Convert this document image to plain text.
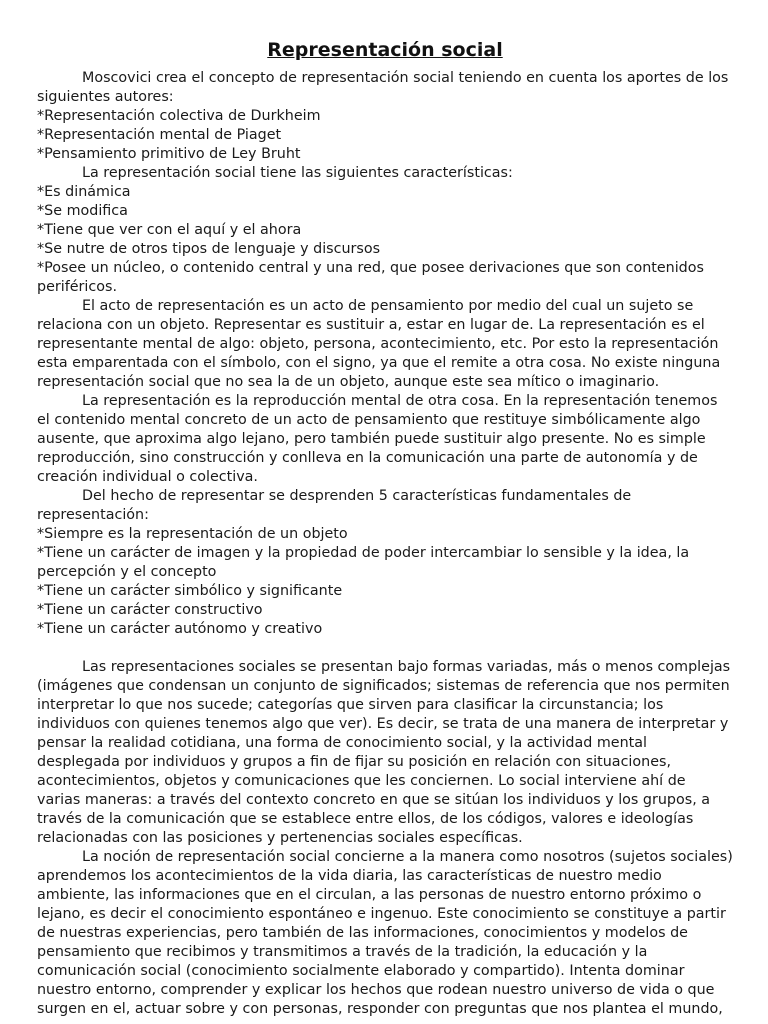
Representación social
Moscovici crea el concepto de representación social teniendo en cuenta los aportes de los siguientes autores:
*Representación colectiva de Durkheim
*Representación mental de Piaget
*Pensamiento primitivo de Ley Bruht
La representación social tiene las siguientes características:
*Es dinámica
*Se modifica
*Tiene que ver con el aquí y el ahora
*Se nutre de otros tipos de lenguaje y discursos
*Posee un núcleo, o contenido central y una red, que posee derivaciones que son contenidos periféricos.
El acto de representación es un acto de pensamiento por medio del cual un sujeto se relaciona con un objeto. Representar es sustituir a, estar en lugar de. La representación es el representante mental de algo: objeto, persona, acontecimiento, etc. Por esto la representación esta emparentada con el símbolo, con el signo, ya que el remite a otra cosa. No existe ninguna representación social que no sea la de un objeto, aunque este sea mítico o imaginario.
La representación es la reproducción mental de otra cosa. En la representación tenemos el contenido mental concreto de un acto de pensamiento que restituye simbólicamente algo ausente, que aproxima algo lejano, pero también puede sustituir algo presente. No es simple reproducción, sino construcción y conlleva en la comunicación una parte de autonomía y de creación individual o colectiva.
Del hecho de representar se desprenden 5 características fundamentales de representación:
*Siempre es la representación de un objeto
*Tiene un carácter de imagen y la propiedad de poder intercambiar lo sensible y la idea, la percepción y el concepto
*Tiene un carácter simbólico y significante
*Tiene un carácter constructivo
*Tiene un carácter autónomo y creativo
Las representaciones sociales se presentan bajo formas variadas, más o menos complejas (imágenes que condensan un conjunto de significados; sistemas de referencia que nos permiten interpretar lo que nos sucede; categorías que sirven para clasificar la circunstancia; los individuos con quienes tenemos algo que ver). Es decir, se trata de una manera de interpretar y pensar la realidad cotidiana, una forma de conocimiento social, y la actividad mental desplegada por individuos y grupos a fin de fijar su posición en relación con situaciones, acontecimientos, objetos y comunicaciones que les conciernen. Lo social interviene ahí de varias maneras: a través del contexto concreto en que se sitúan los individuos y los grupos, a través de la comunicación que se establece entre ellos, de los códigos, valores e ideologías relacionadas con las posiciones y pertenencias sociales específicas.
La noción de representación social concierne a la manera como nosotros (sujetos sociales) aprendemos los acontecimientos de la vida diaria, las características de nuestro medio ambiente, las informaciones que en el circulan, a las personas de nuestro entorno próximo o lejano, es decir el conocimiento espontáneo e ingenuo. Este conocimiento se constituye a partir de nuestras experiencias, pero también de las informaciones, conocimientos y modelos de pensamiento que recibimos y transmitimos a través de la tradición, la educación y la comunicación social (conocimiento socialmente elaborado y compartido). Intenta dominar nuestro entorno, comprender y explicar los hechos que rodean nuestro universo de vida o que surgen en el, actuar sobre y con personas, responder con preguntas que nos plantea el mundo,
